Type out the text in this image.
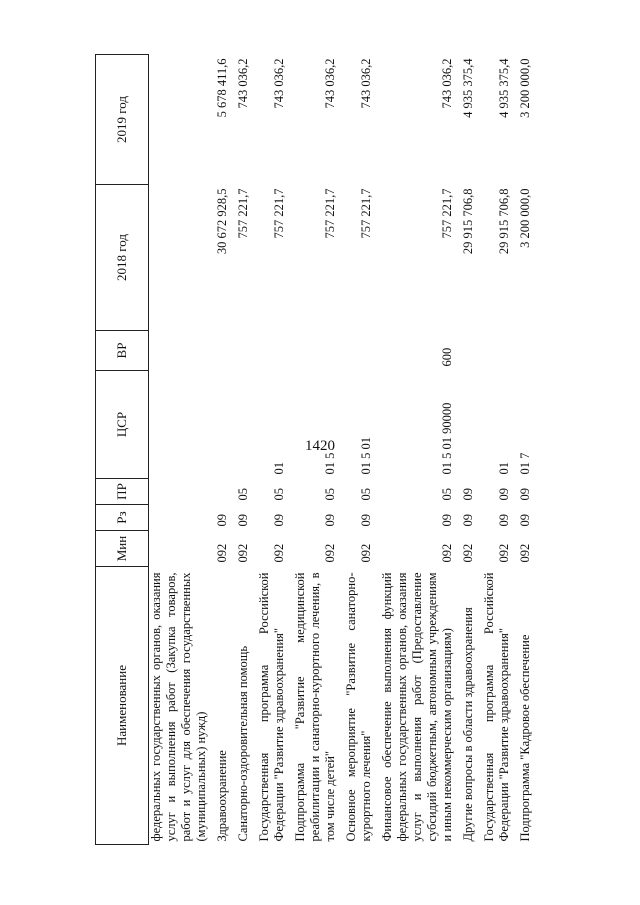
1420
Наименование	Мин	Рз	ПР	ЦСР	ВР	2018 год	2019 год
федеральных государственных органов, оказания услуг и выполнения работ (Закупка товаров, работ и услуг для обеспечения государственных (муниципальных) нужд)							
Здравоохранение	092	09				30 672 928,5	5 678 411,6
Санаторно-оздоровительная помощь	092	09	05			757 221,7	743 036,2
Государственная программа Российской Федерации "Развитие здравоохранения"	092	09	05	01		757 221,7	743 036,2
Подпрограмма "Развитие медицинской реабилитации и санаторно-курортного лечения, в том числе детей"	092	09	05	01 5		757 221,7	743 036,2
Основное мероприятие "Развитие санаторно-курортного лечения"	092	09	05	01 5 01		757 221,7	743 036,2
Финансовое обеспечение выполнения функций федеральных государственных органов, оказания услуг и выполнения работ (Предоставление субсидий бюджетным, автономным учреждениям и иным некоммерческим организациям)	092	09	05	01 5 01 90000	600	757 221,7	743 036,2
Другие вопросы в области здравоохранения	092	09	09			29 915 706,8	4 935 375,4
Государственная программа Российской Федерации "Развитие здравоохранения"	092	09	09	01		29 915 706,8	4 935 375,4
Подпрограмма "Кадровое обеспечение	092	09	09	01 7		3 200 000,0	3 200 000,0
